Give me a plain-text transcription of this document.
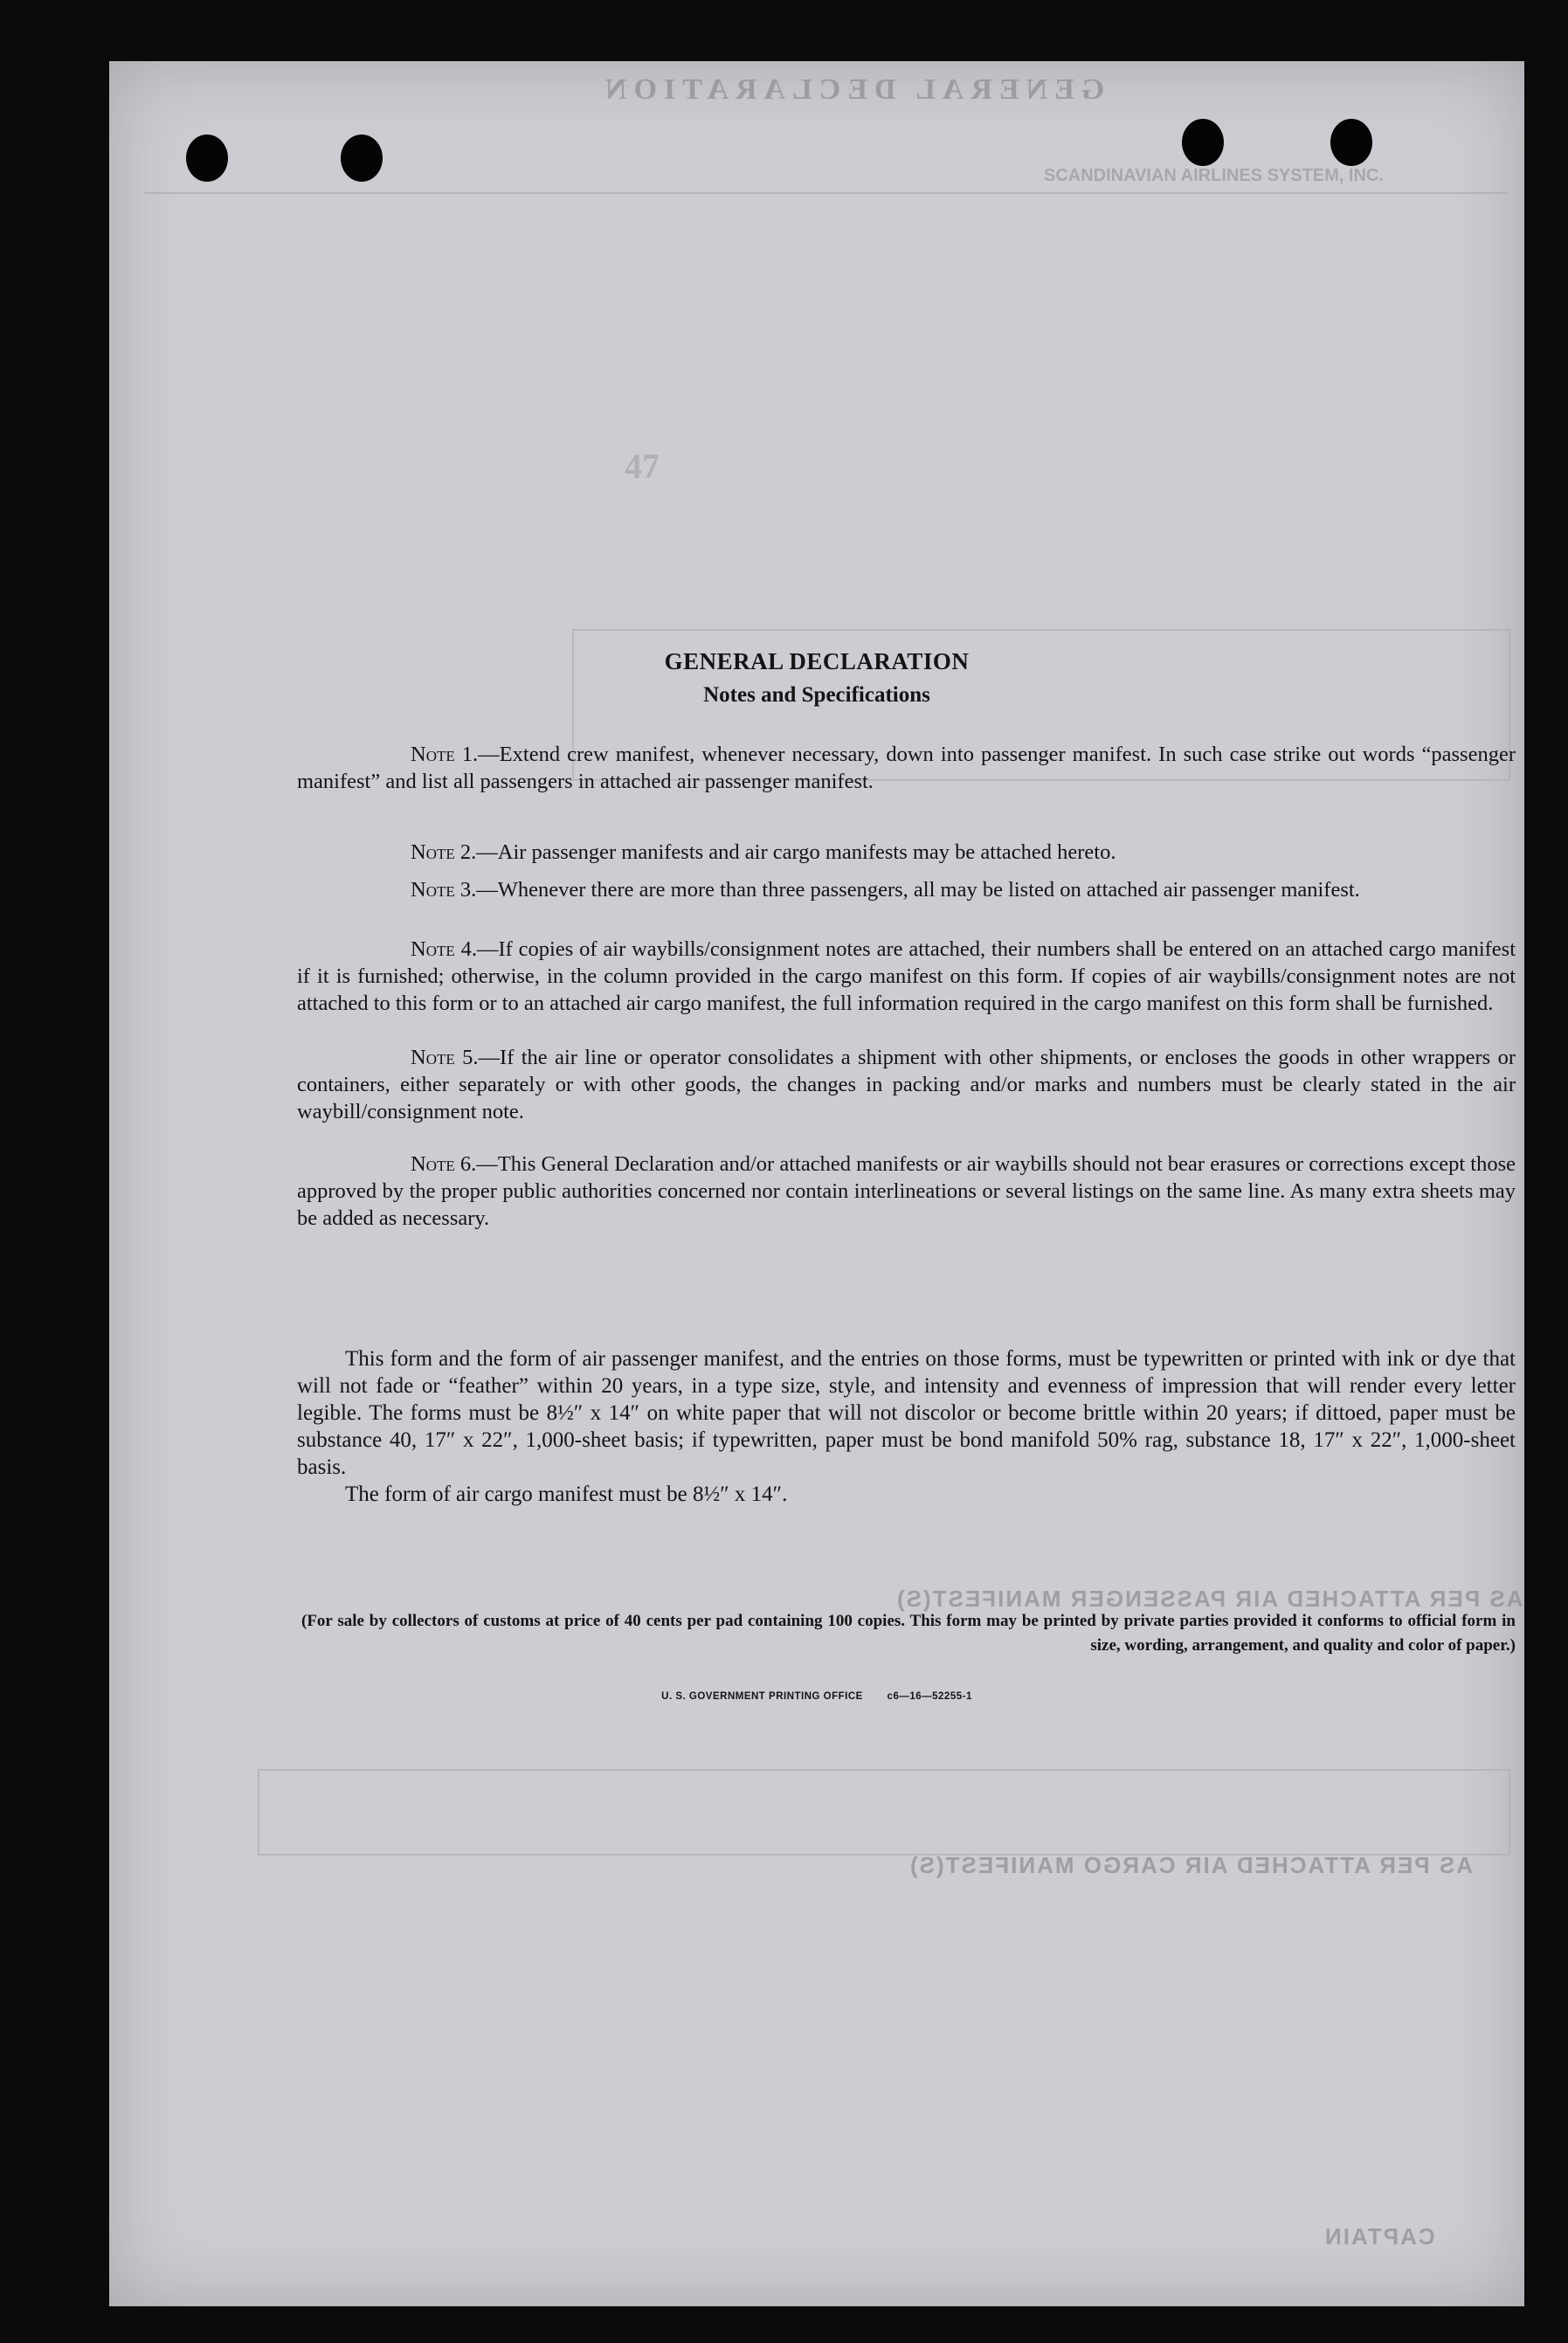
GENERAL DECLARATION
SCANDINAVIAN AIRLINES SYSTEM, INC.
47
AS PER ATTACHED AIR PASSENGER MANIFEST(S)
AS PER ATTACHED AIR CARGO MANIFEST(S)
CAPTAIN
GENERAL DECLARATION
Notes and Specifications

Note 1.—Extend crew manifest, whenever necessary, down into passenger manifest. In such case strike out words “passenger manifest” and list all passengers in attached air passenger manifest.

Note 2.—Air passenger manifests and air cargo manifests may be attached hereto.

Note 3.—Whenever there are more than three passengers, all may be listed on attached air passenger manifest.

Note 4.—If copies of air waybills/consignment notes are attached, their numbers shall be entered on an attached cargo manifest if it is furnished; otherwise, in the column provided in the cargo manifest on this form. If copies of air waybills/consignment notes are not attached to this form or to an attached air cargo manifest, the full information required in the cargo manifest on this form shall be furnished.

Note 5.—If the air line or operator consolidates a shipment with other shipments, or encloses the goods in other wrappers or containers, either separately or with other goods, the changes in packing and/or marks and numbers must be clearly stated in the air waybill/consignment note.

Note 6.—This General Declaration and/or attached manifests or air waybills should not bear erasures or corrections except those approved by the proper public authorities concerned nor contain interlineations or several listings on the same line. As many extra sheets may be added as necessary.

This form and the form of air passenger manifest, and the entries on those forms, must be typewritten or printed with ink or dye that will not fade or “feather” within 20 years, in a type size, style, and intensity and evenness of impression that will render every letter legible. The forms must be 8½″ x 14″ on white paper that will not discolor or become brittle within 20 years; if dittoed, paper must be substance 40, 17″ x 22″, 1,000-sheet basis; if typewritten, paper must be bond manifold 50% rag, substance 18, 17″ x 22″, 1,000-sheet basis.
The form of air cargo manifest must be 8½″ x 14″.
(For sale by collectors of customs at price of 40 cents per pad containing 100 copies. This form may be printed by private parties provided it conforms to official form in size, wording, arrangement, and quality and color of paper.)
U. S. GOVERNMENT PRINTING OFFICE c6—16—52255-1
